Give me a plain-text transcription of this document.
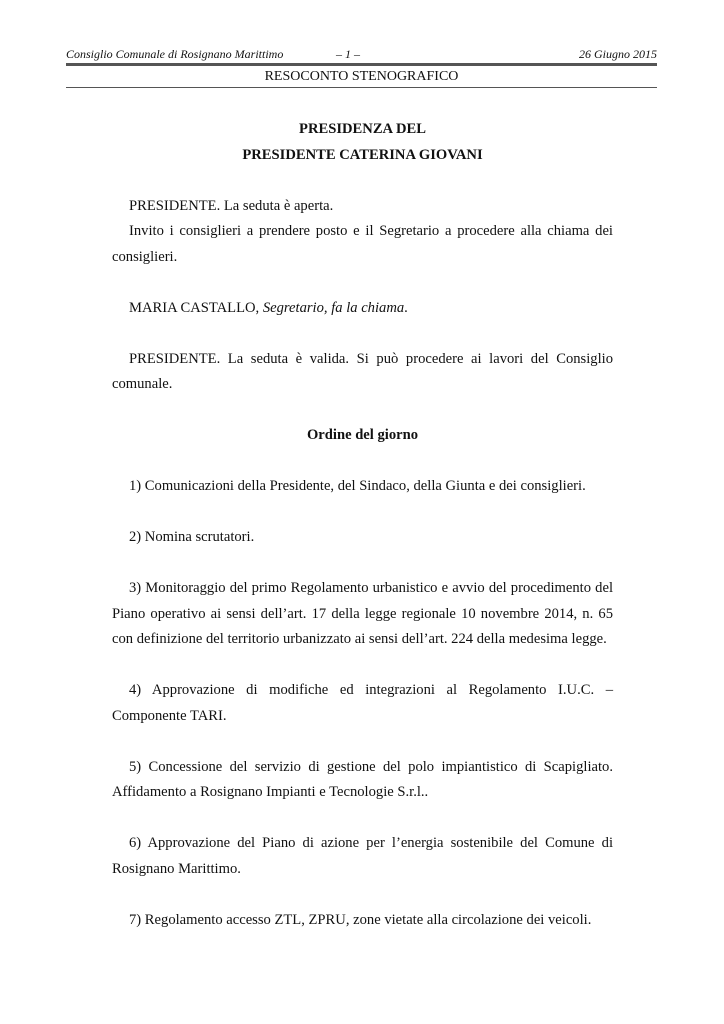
Consiglio Comunale di Rosignano Marittimo	– 1 –	26 Giugno 2015
RESOCONTO STENOGRAFICO
PRESIDENZA DEL
PRESIDENTE CATERINA GIOVANI

PRESIDENTE. La seduta è aperta.

Invito i consiglieri a prendere posto e il Segretario a procedere alla chiama dei consiglieri.

MARIA CASTALLO, Segretario, fa la chiama.

PRESIDENTE. La seduta è valida. Si può procedere ai lavori del Consiglio comunale.

Ordine del giorno

1) Comunicazioni della Presidente, del Sindaco, della Giunta e dei consiglieri.

2) Nomina scrutatori.

3) Monitoraggio del primo Regolamento urbanistico e avvio del procedimento del Piano operativo ai sensi dell’art. 17 della legge regionale 10 novembre 2014, n. 65 con definizione del territorio urbanizzato ai sensi dell’art. 224 della medesima legge.

4) Approvazione di modifiche ed integrazioni al Regolamento I.U.C. – Componente TARI.

5) Concessione del servizio di gestione del polo impiantistico di Scapigliato. Affidamento a Rosignano Impianti e Tecnologie S.r.l..

6) Approvazione del Piano di azione per l’energia sostenibile del Comune di Rosignano Marittimo.

7) Regolamento accesso ZTL, ZPRU, zone vietate alla circolazione dei veicoli.
